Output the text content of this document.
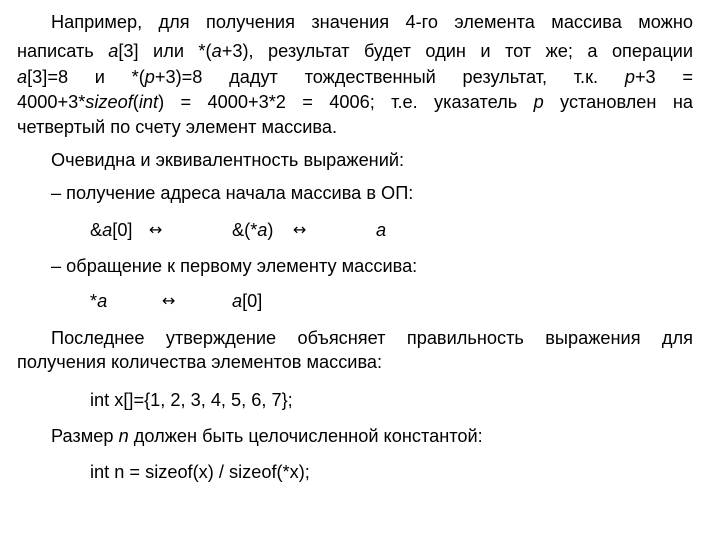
Например, для получения значения 4-го элемента массива можно
написать a[3] или *(a+3), результат будет один и тот же; а операции
a[3]=8 и *(p+3)=8 дадут тождественный результат, т.к. p+3 =
4000+3*sizeof(int) = 4000+3*2 = 4006; т.е. указатель p установлен на
четвертый по счету элемент массива.
Очевидна и эквивалентность выражений:
– получение адреса начала массива в ОП:
&a[0] ↔	&(*a) ↔	a
– обращение к первому элементу массива:
*a	↔	a[0]
Последнее утверждение объясняет правильность выражения для
получения количества элементов массива:
int x[]={1, 2, 3, 4, 5, 6, 7};
Размер n должен быть целочисленной константой:
int n = sizeof(x) / sizeof(*x);
